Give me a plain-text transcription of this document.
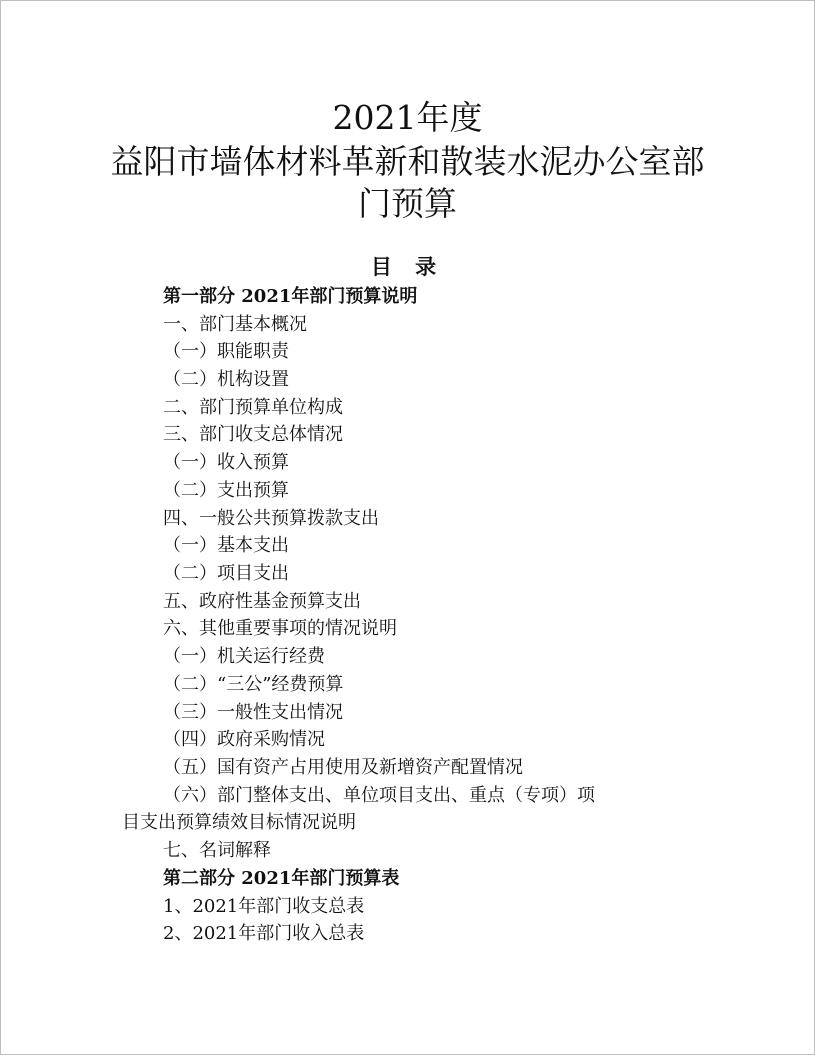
2021年度
益阳市墙体材料革新和散装水泥办公室部
门预算
目 录
第一部分 2021年部门预算说明
一、部门基本概况
（一）职能职责
（二）机构设置
二、部门预算单位构成
三、部门收支总体情况
（一）收入预算
（二）支出预算
四、一般公共预算拨款支出
（一）基本支出
（二）项目支出
五、政府性基金预算支出
六、其他重要事项的情况说明
（一）机关运行经费
（二）“三公”经费预算
（三）一般性支出情况
（四）政府采购情况
（五）国有资产占用使用及新增资产配置情况
（六）部门整体支出、单位项目支出、重点（专项）项
目支出预算绩效目标情况说明
七、名词解释
第二部分 2021年部门预算表
1、2021年部门收支总表
2、2021年部门收入总表
